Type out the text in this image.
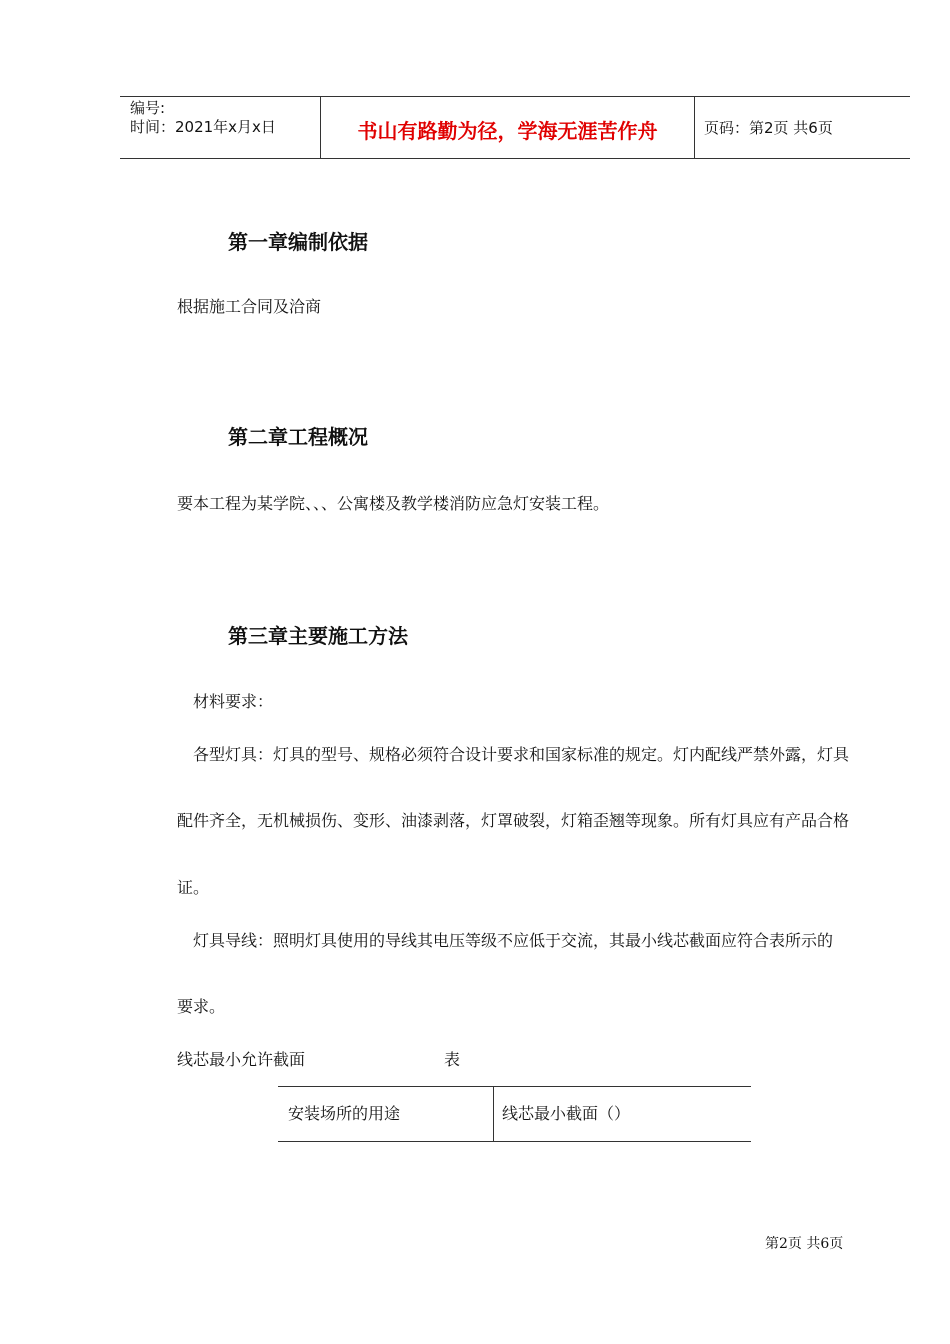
编号:
时间：2021年x月x日	书山有路勤为径，学海无涯苦作舟	页码：第2页 共6页
第一章编制依据
根据施工合同及洽商
第二章工程概况
要本工程为某学院、、、公寓楼及教学楼消防应急灯安装工程。
第三章主要施工方法
材料要求：
各型灯具：灯具的型号、规格必须符合设计要求和国家标准的规定。灯内配线严禁外露，灯具
配件齐全，无机械损伤、变形、油漆剥落，灯罩破裂，灯箱歪翘等现象。所有灯具应有产品合格
证。
灯具导线：照明灯具使用的导线其电压等级不应低于交流，其最小线芯截面应符合表所示的
要求。
线芯最小允许截面	表
安装场所的用途	线芯最小截面（）
第2页 共6页
